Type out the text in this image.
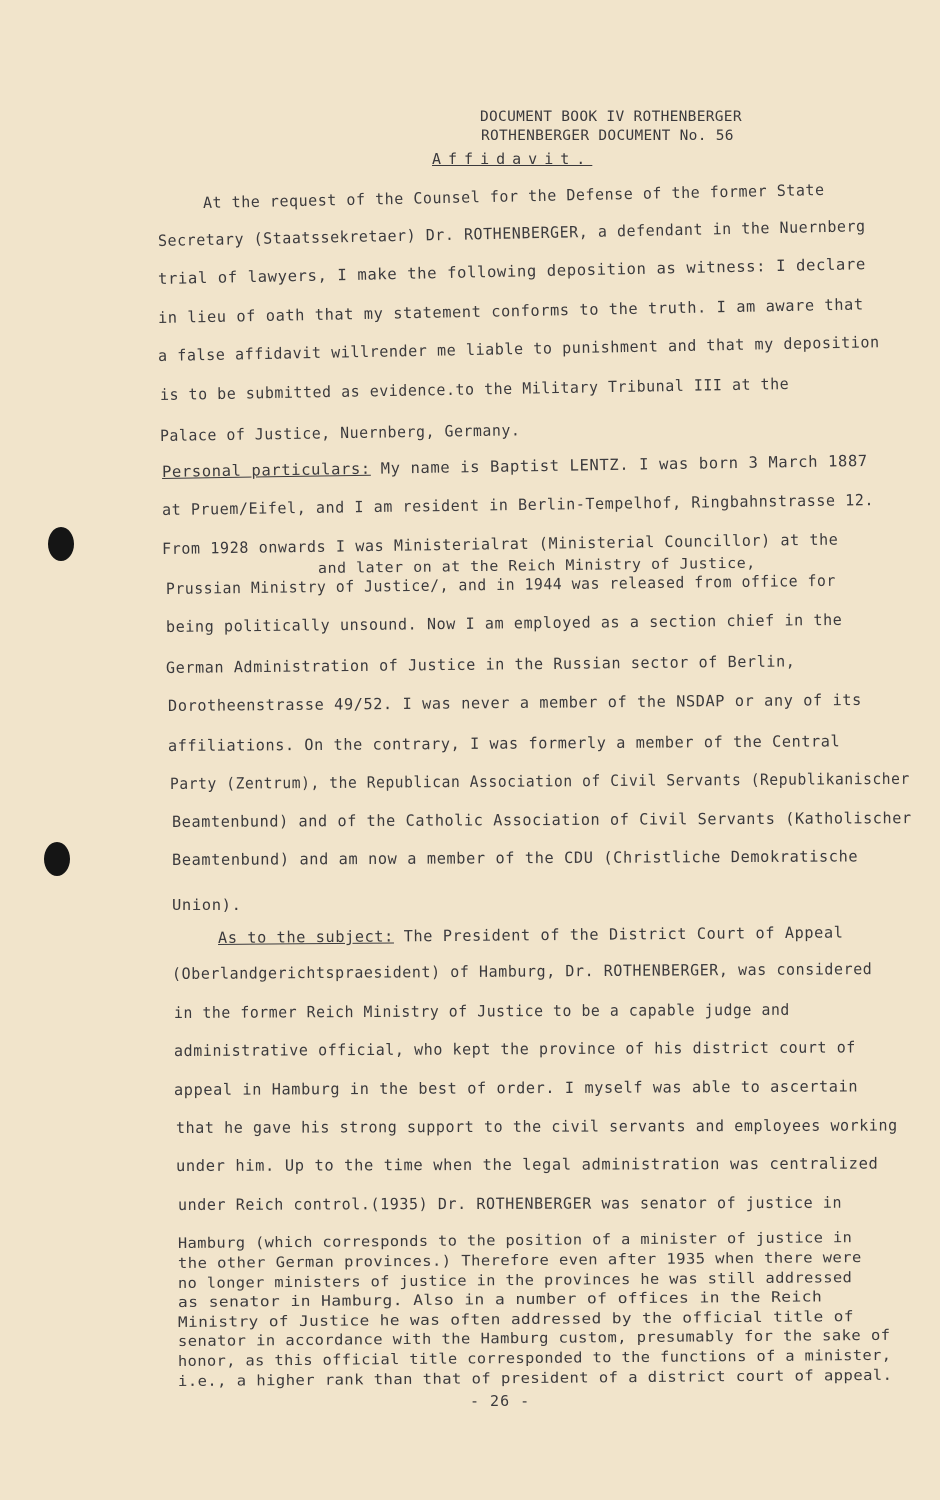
DOCUMENT BOOK IV ROTHENBERGER
ROTHENBERGER DOCUMENT No. 56
Affidavit.
At the request of the Counsel for the Defense of the former State
Secretary (Staatssekretaer) Dr. ROTHENBERGER, a defendant in the Nuernberg
trial of lawyers, I make the following deposition as witness: I declare
in lieu of oath that my statement conforms to the truth. I am aware that
a false affidavit willrender me liable to punishment and that my deposition
is to be submitted as evidence.to the Military Tribunal III at the
Palace of Justice, Nuernberg, Germany.
Personal particulars: My name is Baptist LENTZ. I was born 3 March 1887
at Pruem/Eifel, and I am resident in Berlin-Tempelhof, Ringbahnstrasse 12.
From 1928 onwards I was Ministerialrat (Ministerial Councillor) at the
Prussian Ministry of Justice/, and in 1944 was released from office for
being politically unsound. Now I am employed as a section chief in the
German Administration of Justice in the Russian sector of Berlin,
Dorotheenstrasse 49/52. I was never a member of the NSDAP or any of its
affiliations. On the contrary, I was formerly a member of the Central
Party (Zentrum), the Republican Association of Civil Servants (Republikanischer
Beamtenbund) and of the Catholic Association of Civil Servants (Katholischer
Beamtenbund) and am now a member of the CDU (Christliche Demokratische
Union).
As to the subject: The President of the District Court of Appeal
(Oberlandgerichtspraesident) of Hamburg, Dr. ROTHENBERGER, was considered
in the former Reich Ministry of Justice to be a capable judge and
administrative official, who kept the province of his district court of
appeal in Hamburg in the best of order. I myself was able to ascertain
that he gave his strong support to the civil servants and employees working
under him. Up to the time when the legal administration was centralized
under Reich control.(1935) Dr. ROTHENBERGER was senator of justice in
Hamburg (which corresponds to the position of a minister of justice in
the other German provinces.) Therefore even after 1935 when there were
no longer ministers of justice in the provinces he was still addressed
as senator in Hamburg. Also in a number of offices in the Reich
Ministry of Justice he was often addressed by the official title of
senator in accordance with the Hamburg custom, presumably for the sake of
honor, as this official title corresponded to the functions of a minister,
i.e., a higher rank than that of president of a district court of appeal.
and later on at the Reich Ministry of Justice,
- 26 -
